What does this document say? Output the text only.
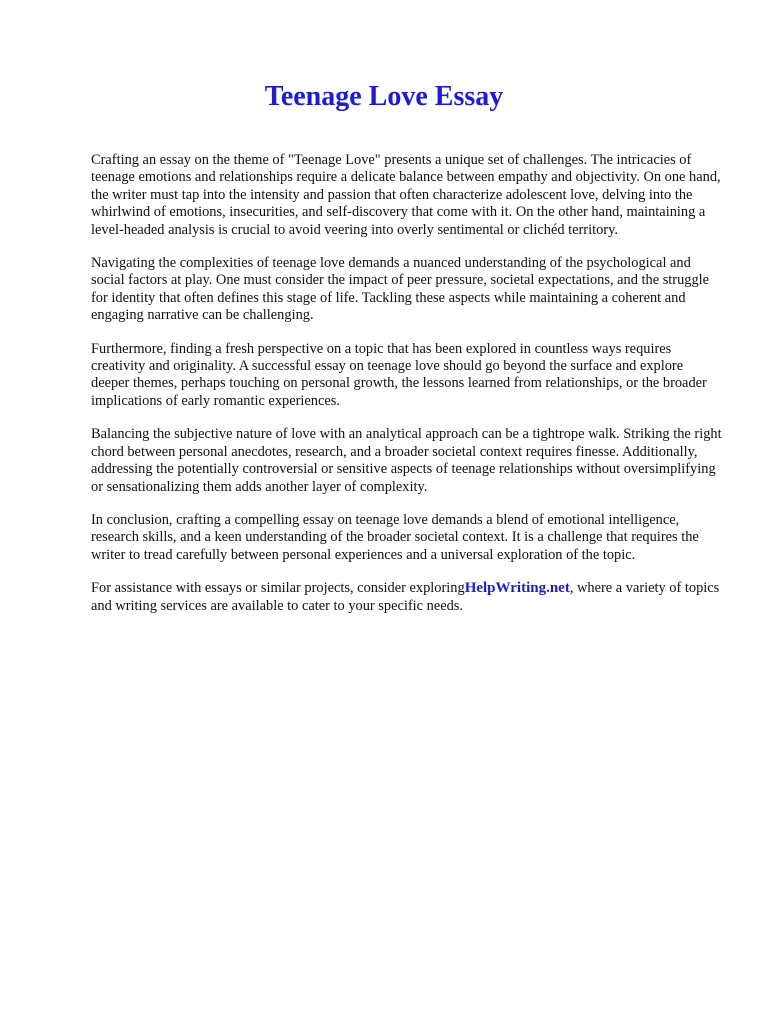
Teenage Love Essay

Crafting an essay on the theme of "Teenage Love" presents a unique set of challenges. The intricacies of teenage emotions and relationships require a delicate balance between empathy and objectivity. On one hand, the writer must tap into the intensity and passion that often characterize adolescent love, delving into the whirlwind of emotions, insecurities, and self-discovery that come with it. On the other hand, maintaining a level-headed analysis is crucial to avoid veering into overly sentimental or clichéd territory.

Navigating the complexities of teenage love demands a nuanced understanding of the psychological and social factors at play. One must consider the impact of peer pressure, societal expectations, and the struggle for identity that often defines this stage of life. Tackling these aspects while maintaining a coherent and engaging narrative can be challenging.

Furthermore, finding a fresh perspective on a topic that has been explored in countless ways requires creativity and originality. A successful essay on teenage love should go beyond the surface and explore deeper themes, perhaps touching on personal growth, the lessons learned from relationships, or the broader implications of early romantic experiences.

Balancing the subjective nature of love with an analytical approach can be a tightrope walk. Striking the right chord between personal anecdotes, research, and a broader societal context requires finesse. Additionally, addressing the potentially controversial or sensitive aspects of teenage relationships without oversimplifying or sensationalizing them adds another layer of complexity.

In conclusion, crafting a compelling essay on teenage love demands a blend of emotional intelligence, research skills, and a keen understanding of the broader societal context. It is a challenge that requires the writer to tread carefully between personal experiences and a universal exploration of the topic.

For assistance with essays or similar projects, consider exploringHelpWriting.net, where a variety of topics and writing services are available to cater to your specific needs.
